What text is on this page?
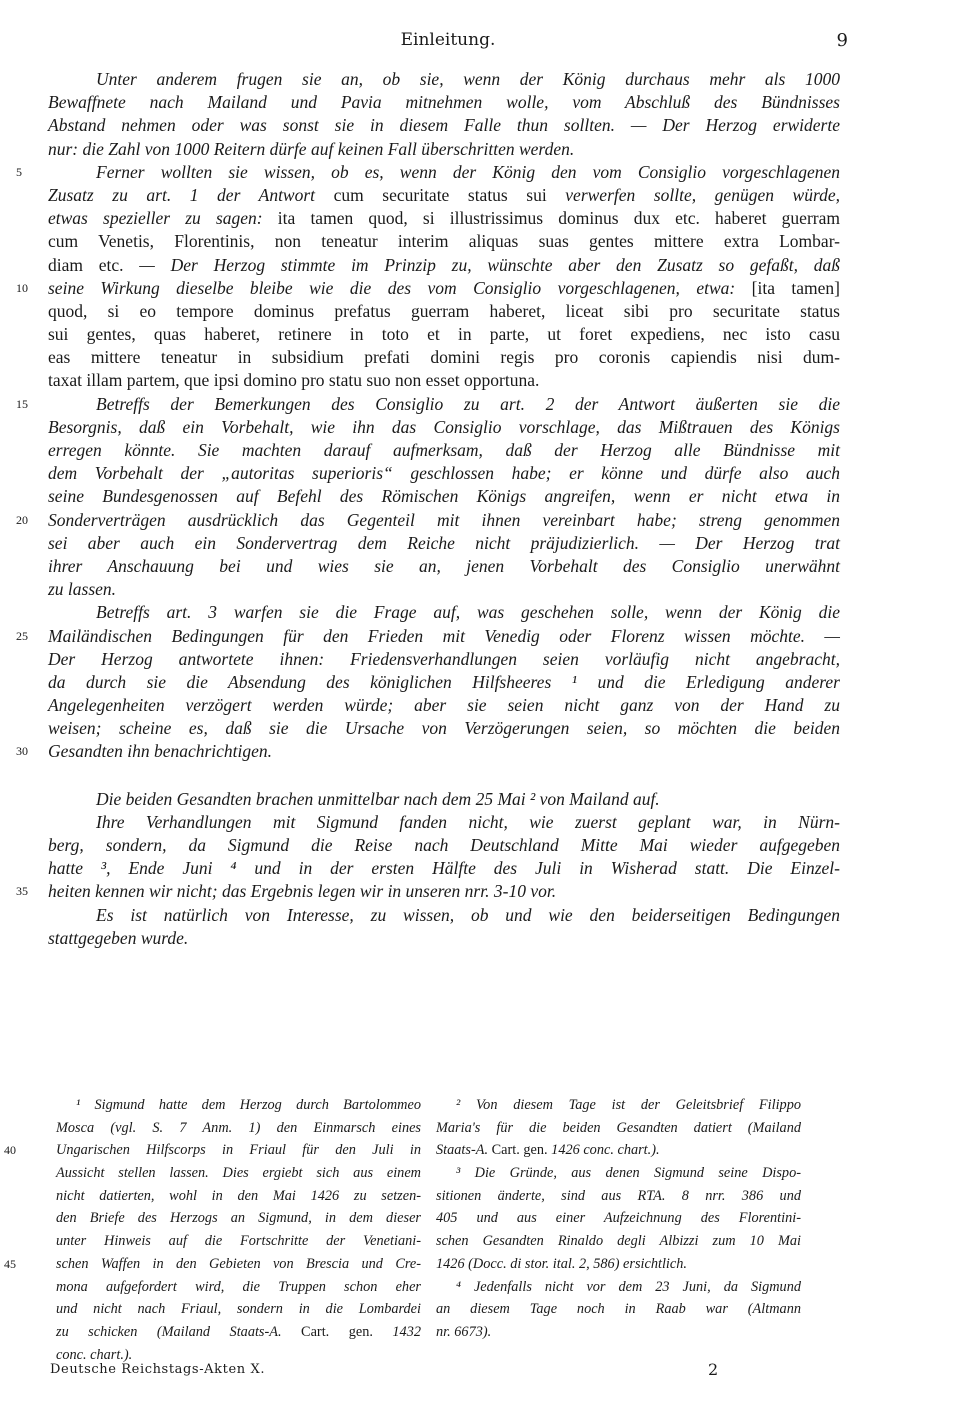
Einleitung.	9
Unter anderem frugen sie an, ob sie, wenn der König durchaus mehr als 1000
Bewaffnete nach Mailand und Pavia mitnehmen wolle, vom Abschluß des Bündnisses
Abstand nehmen oder was sonst sie in diesem Falle thun sollten. — Der Herzog erwiderte
nur: die Zahl von 1000 Reitern dürfe auf keinen Fall überschritten werden.
Ferner wollten sie wissen, ob es, wenn der König den vom Consiglio vorgeschlagenen
5
Zusatz zu art. 1 der Antwort cum securitate status sui verwerfen sollte, genügen würde,
etwas spezieller zu sagen: ita tamen quod, si illustrissimus dominus dux etc. haberet guerram
cum Venetis, Florentinis, non teneatur interim aliquas suas gentes mittere extra Lombar-
diam etc. — Der Herzog stimmte im Prinzip zu, wünschte aber den Zusatz so gefaßt, daß
seine Wirkung dieselbe bleibe wie die des vom Consiglio vorgeschlagenen, etwa: [ita tamen]
10
quod, si eo tempore dominus prefatus guerram haberet, liceat sibi pro securitate status
sui gentes, quas haberet, retinere in toto et in parte, ut foret expediens, nec isto casu
eas mittere teneatur in subsidium prefati domini regis pro coronis capiendis nisi dum-
taxat illam partem, que ipsi domino pro statu suo non esset opportuna.
Betreffs der Bemerkungen des Consiglio zu art. 2 der Antwort äußerten sie die
15
Besorgnis, daß ein Vorbehalt, wie ihn das Consiglio vorschlage, das Mißtrauen des Königs
erregen könnte. Sie machten darauf aufmerksam, daß der Herzog alle Bündnisse mit
dem Vorbehalt der „autoritas superioris“ geschlossen habe; er könne und dürfe also auch
seine Bundesgenossen auf Befehl des Römischen Königs angreifen, wenn er nicht etwa in
Sonderverträgen ausdrücklich das Gegenteil mit ihnen vereinbart habe; streng genommen
20
sei aber auch ein Sondervertrag dem Reiche nicht präjudizierlich. — Der Herzog trat
ihrer Anschauung bei und wies sie an, jenen Vorbehalt des Consiglio unerwähnt
zu lassen.
Betreffs art. 3 warfen sie die Frage auf, was geschehen solle, wenn der König die
Mailändischen Bedingungen für den Frieden mit Venedig oder Florenz wissen möchte. —
25
Der Herzog antwortete ihnen: Friedensverhandlungen seien vorläufig nicht angebracht,
da durch sie die Absendung des königlichen Hilfsheeres ¹ und die Erledigung anderer
Angelegenheiten verzögert werden würde; aber sie seien nicht ganz von der Hand zu
weisen; scheine es, daß sie die Ursache von Verzögerungen seien, so möchten die beiden
Gesandten ihn benachrichtigen.
30
Die beiden Gesandten brachen unmittelbar nach dem 25 Mai ² von Mailand auf.
Ihre Verhandlungen mit Sigmund fanden nicht, wie zuerst geplant war, in Nürn-
berg, sondern, da Sigmund die Reise nach Deutschland Mitte Mai wieder aufgegeben
hatte ³, Ende Juni ⁴ und in der ersten Hälfte des Juli in Wisherad statt. Die Einzel-
heiten kennen wir nicht; das Ergebnis legen wir in unseren nrr. 3-10 vor.
35
Es ist natürlich von Interesse, zu wissen, ob und wie den beiderseitigen Bedingungen
stattgegeben wurde.
¹ Sigmund hatte dem Herzog durch Bartolommeo
Mosca (vgl. S. 7 Anm. 1) den Einmarsch eines
Ungarischen Hilfscorps in Friaul für den Juli in
40
Aussicht stellen lassen. Dies ergiebt sich aus einem
nicht datierten, wohl in den Mai 1426 zu setzen-
den Briefe des Herzogs an Sigmund, in dem dieser
unter Hinweis auf die Fortschritte der Venetiani-
schen Waffen in den Gebieten von Brescia und Cre-
45
mona aufgefordert wird, die Truppen schon eher
und nicht nach Friaul, sondern in die Lombardei
zu schicken (Mailand Staats-A. Cart. gen. 1432
conc. chart.).
² Von diesem Tage ist der Geleitsbrief Filippo
Maria's für die beiden Gesandten datiert (Mailand
Staats-A. Cart. gen. 1426 conc. chart.).
³ Die Gründe, aus denen Sigmund seine Dispo-
sitionen änderte, sind aus RTA. 8 nrr. 386 und
405 und aus einer Aufzeichnung des Florentini-
schen Gesandten Rinaldo degli Albizzi zum 10 Mai
1426 (Docc. di stor. ital. 2, 586) ersichtlich.
⁴ Jedenfalls nicht vor dem 23 Juni, da Sigmund
an diesem Tage noch in Raab war (Altmann
nr. 6673).
Deutsche Reichstags-Akten X.	2
